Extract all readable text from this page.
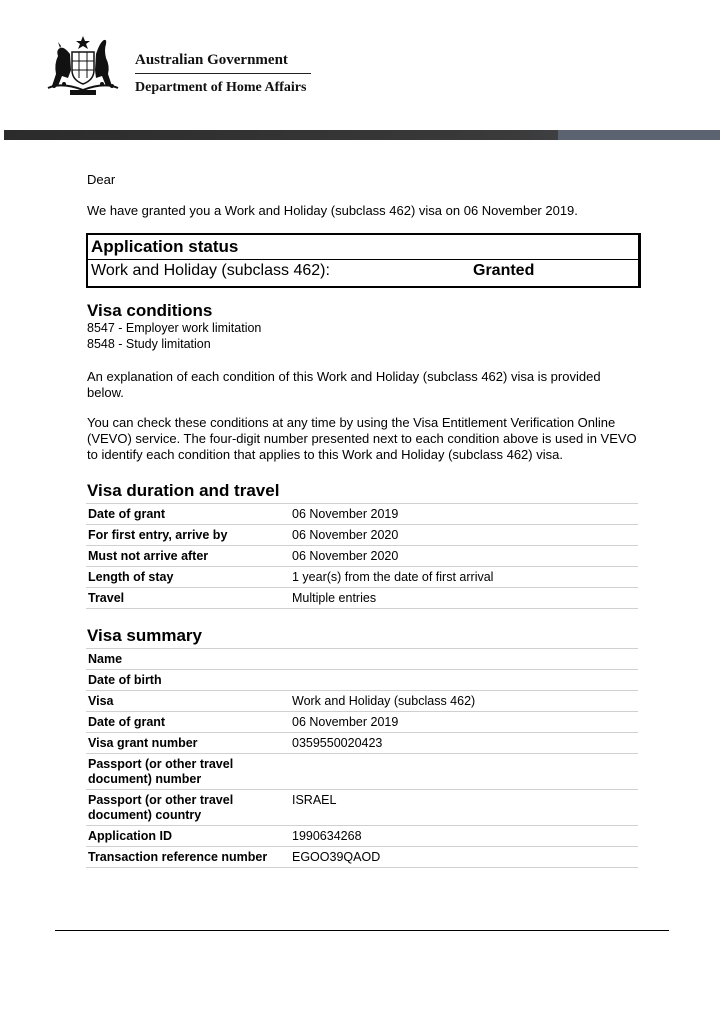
Australian Government
Department of Home Affairs
Dear
We have granted you a Work and Holiday (subclass 462) visa on 06 November 2019.
Application status
Work and Holiday (subclass 462):	Granted
Visa conditions
8547 - Employer work limitation
8548 - Study limitation
An explanation of each condition of this Work and Holiday (subclass 462) visa is provided below.
You can check these conditions at any time by using the Visa Entitlement Verification Online (VEVO) service. The four-digit number presented next to each condition above is used in VEVO to identify each condition that applies to this Work and Holiday (subclass 462) visa.
Visa duration and travel
Date of grant	06 November 2019
For first entry, arrive by	06 November 2020
Must not arrive after	06 November 2020
Length of stay	1 year(s) from the date of first arrival
Travel	Multiple entries
Visa summary
Name	
Date of birth	
Visa	Work and Holiday (subclass 462)
Date of grant	06 November 2019
Visa grant number	0359550020423
Passport (or other travel document) number	
Passport (or other travel document) country	ISRAEL
Application ID	1990634268
Transaction reference number	EGOO39QAOD
